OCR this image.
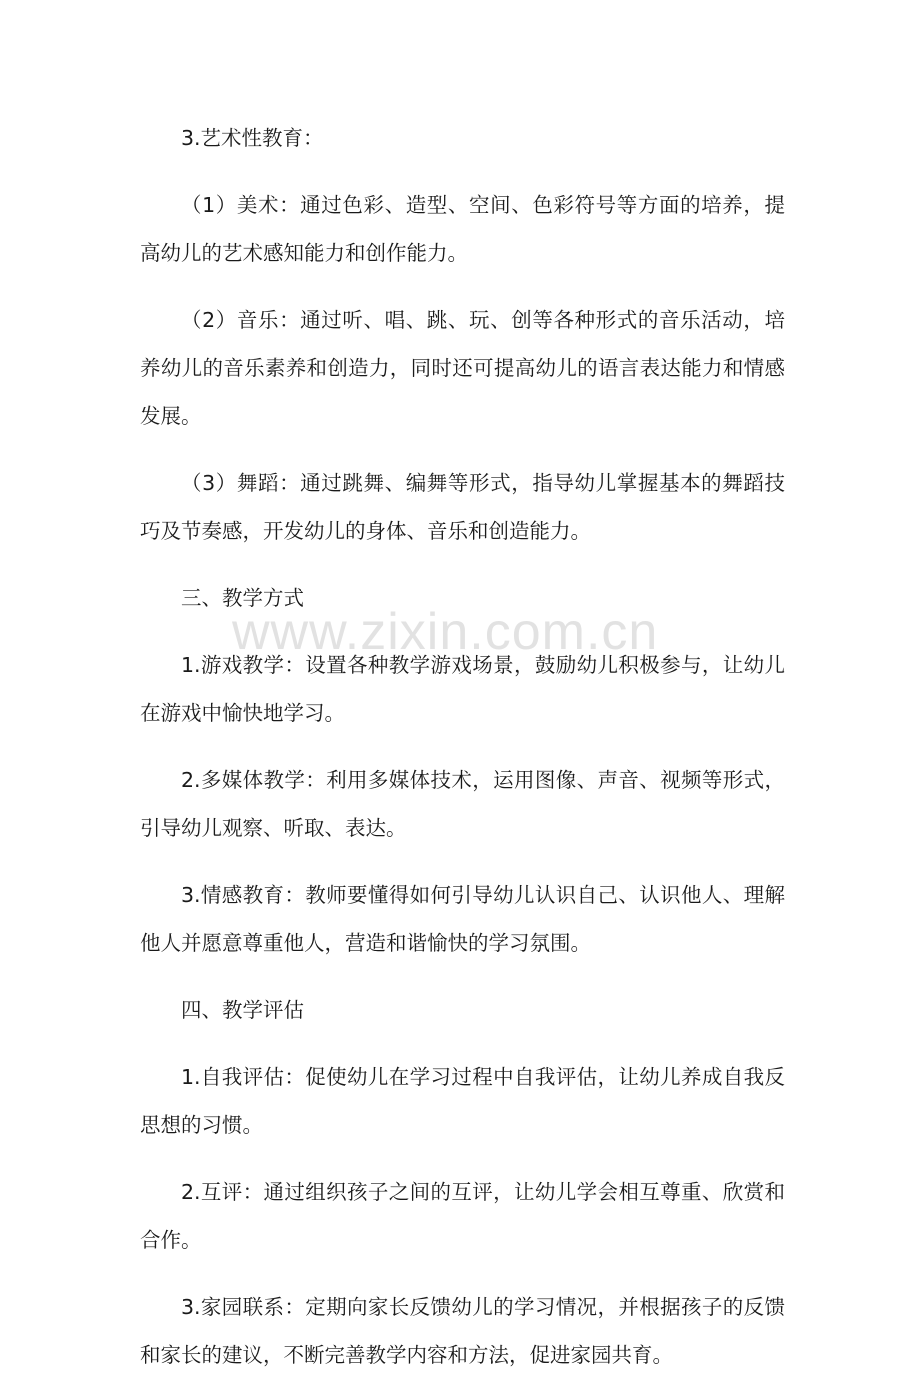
3.艺术性教育：

（1）美术：通过色彩、造型、空间、色彩符号等方面的培养，提高幼儿的艺术感知能力和创作能力。

（2）音乐：通过听、唱、跳、玩、创等各种形式的音乐活动，培养幼儿的音乐素养和创造力，同时还可提高幼儿的语言表达能力和情感发展。

（3）舞蹈：通过跳舞、编舞等形式，指导幼儿掌握基本的舞蹈技巧及节奏感，开发幼儿的身体、音乐和创造能力。

三、教学方式

1.游戏教学：设置各种教学游戏场景，鼓励幼儿积极参与，让幼儿在游戏中愉快地学习。

2.多媒体教学：利用多媒体技术，运用图像、声音、视频等形式，引导幼儿观察、听取、表达。

3.情感教育：教师要懂得如何引导幼儿认识自己、认识他人、理解他人并愿意尊重他人，营造和谐愉快的学习氛围。

四、教学评估

1.自我评估：促使幼儿在学习过程中自我评估，让幼儿养成自我反思想的习惯。

2.互评：通过组织孩子之间的互评，让幼儿学会相互尊重、欣赏和合作。

3.家园联系：定期向家长反馈幼儿的学习情况，并根据孩子的反馈和家长的建议，不断完善教学内容和方法，促进家园共育。

www.zixin.com.cn
